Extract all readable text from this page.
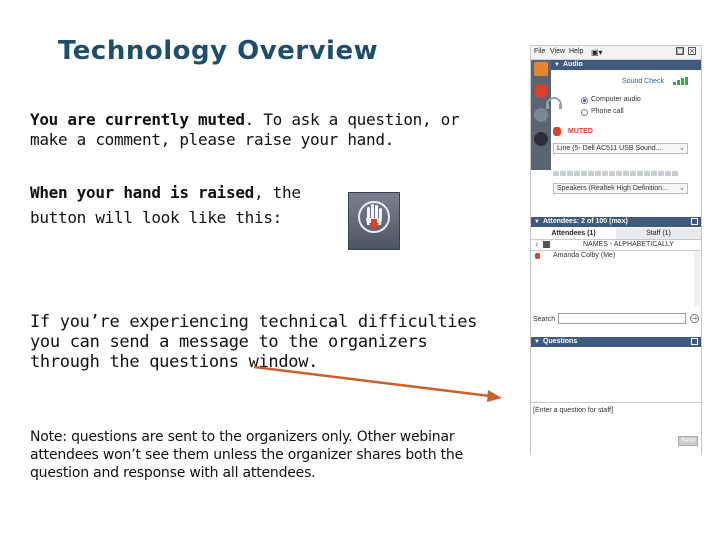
Technology Overview
You are currently muted. To ask a question, or make a comment, please raise your hand.
When your hand is raised, the button will look like this:
If you’re experiencing technical difficulties you can send a message to the organizers through the questions window.
Note: questions are sent to the organizers only. Other webinar attendees won’t see them unless the organizer shares both the question and response with all attendees.
File View Help ▣▾	□ ×
▼ Audio
Sound Check
Computer audio
Phone call
MUTED
Line (5- Dell AC511 USB Sound...	⌄
Speakers (Realtek High Definition... ⌄
▼ Attendees: 2 of 100 (max)
Attendees (1)	Staff (1)
♪	NAMES - ALPHABETICALLY
Amanda Colby (Me)
Search	→
▼ Questions
[Enter a question for staff]
Send
